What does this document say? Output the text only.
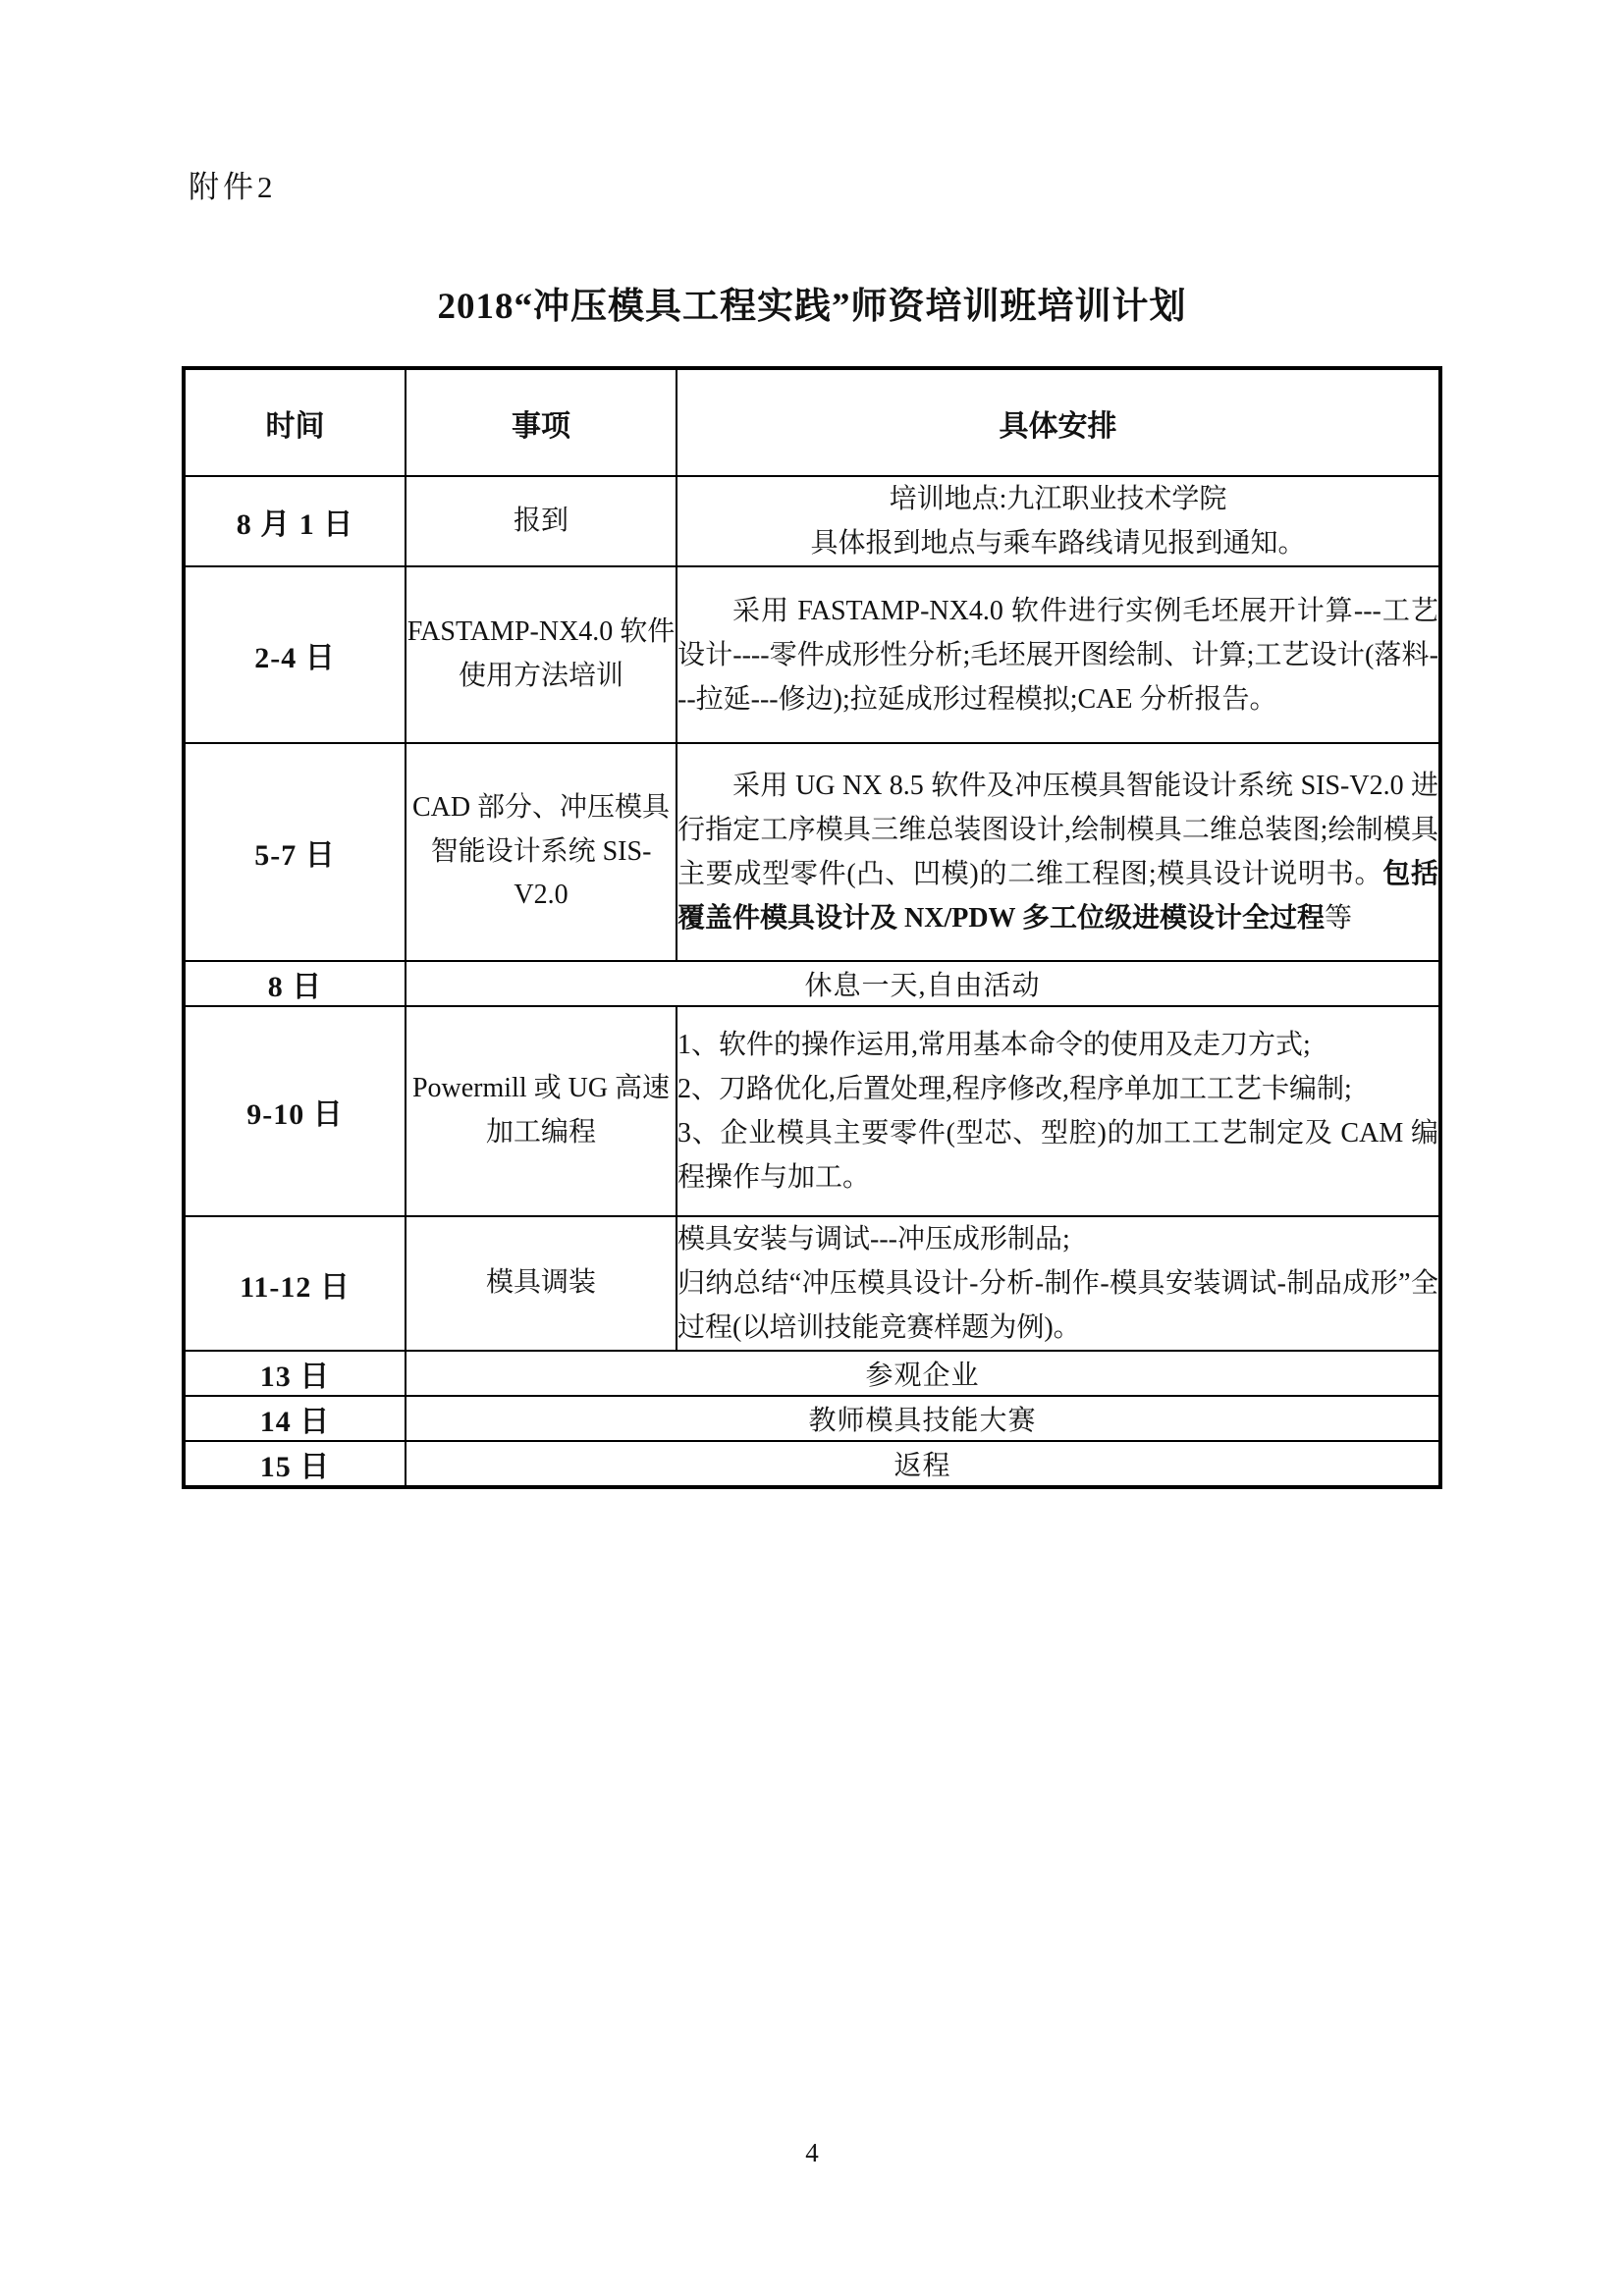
附件2
2018“冲压模具工程实践”师资培训班培训计划
时间	事项	具体安排
8 月 1 日	报到	培训地点:九江职业技术学院

具体报到地点与乘车路线请见报到通知。

2-4 日	FASTAMP-NX4.0 软件使用方法培训	采用 FASTAMP-NX4.0 软件进行实例毛坯展开计算---工艺设计----零件成形性分析;毛坯展开图绘制、计算;工艺设计(落料---拉延---修边);拉延成形过程模拟;CAE 分析报告。

5-7 日	CAD 部分、冲压模具智能设计系统 SIS-V2.0	采用 UG NX 8.5 软件及冲压模具智能设计系统 SIS-V2.0 进行指定工序模具三维总装图设计,绘制模具二维总装图;绘制模具主要成型零件(凸、凹模)的二维工程图;模具设计说明书。包括覆盖件模具设计及 NX/PDW 多工位级进模设计全过程等

8 日	休息一天,自由活动	
9-10 日	Powermill 或 UG 高速加工编程	1、软件的操作运用,常用基本命令的使用及走刀方式;

2、刀路优化,后置处理,程序修改,程序单加工工艺卡编制;

3、企业模具主要零件(型芯、型腔)的加工工艺制定及 CAM 编程操作与加工。

11-12 日	模具调装	模具安装与调试---冲压成形制品;

归纳总结“冲压模具设计-分析-制作-模具安装调试-制品成形”全过程(以培训技能竞赛样题为例)。

13 日	参观企业	
14 日	教师模具技能大赛	
15 日	返程	
4
